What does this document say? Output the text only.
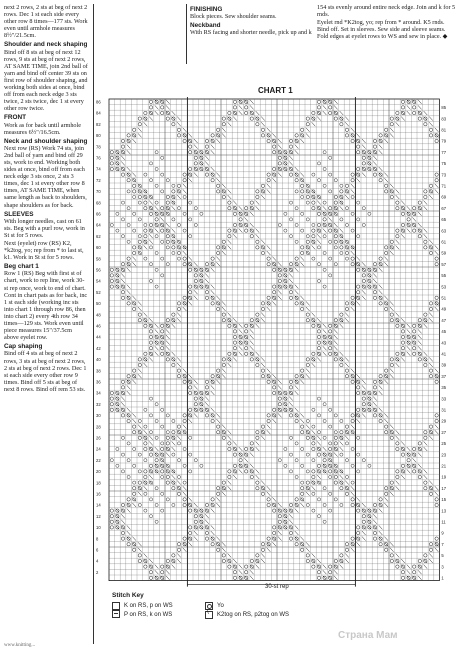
next 2 rows, 2 sts at beg of next 2 rows. Dec 1 st each side every other row 8 times—177 sts. Work even until armhole measures 8½"/21.5cm.

Shoulder and neck shaping

Bind off 8 sts at beg of next 12 rows, 9 sts at beg of next 2 rows, AT SAME TIME, join 2nd ball of yarn and bind off center 39 sts on first row of shoulder shaping, and working both sides at once, bind off from each neck edge 3 sts twice, 2 sts twice, dec 1 st every other row twice.

FRONT

Work as for back until armhole measures 6½"/16.5cm.

Neck and shoulder shaping

Next row (RS) Work 74 sts, join 2nd ball of yarn and bind off 29 sts, work to end. Working both sides at once, bind off from each neck edge 3 sts once, 2 sts 3 times, dec 1 st every other row 8 times, AT SAME TIME, when same length as back to shoulders, shape shoulders as for back.

SLEEVES

With longer needles, cast on 61 sts. Beg with a purl row, work in St st for 5 rows.

Next (eyelet) row (RS) K2, *k2tog, yo; rep from * to last st, k1. Work in St st for 5 rows.

Beg chart 1

Row 1 (RS) Beg with first st of chart, work to rep line, work 30-st rep once, work to end of chart. Cont in chart pats as for back, inc 1 st each side (working inc sts into chart 1 through row 86, then into chart 2) every 4th row 34 times—129 sts. Work even until piece measures 15"/37.5cm above eyelet row.

Cap shaping

Bind off 4 sts at beg of next 2 rows, 3 sts at beg of next 2 rows, 2 sts at beg of next 2 rows. Dec 1 st each side every other row 9 times. Bind off 5 sts at beg of next 8 rows. Bind off rem 53 sts.

FINISHING

Block pieces. Sew shoulder seams.

Neckband

With RS facing and shorter needle, pick up and k

154 sts evenly around entire neck edge. Join and k for 5 rnds.

Eyelet rnd *K2tog, yo; rep from * around. K5 rnds. Bind off. Set in sleeves. Sew side and sleeve seams. Fold edges at eyelet rows to WS and sew in place. ◆

CHART 1
2
4
6
8
10
12
14
16
18
20
22
24
26
28
30
32
34
36
38
40
42
44
46
48
50
52
54
56
58
60
62
64
66
68
70
72
74
76
78
80
82
84
86
1
3
5
7
9
11
13
15
17
19
21
23
25
27
29
31
33
35
37
39
41
43
45
47
49
51
53
55
57
59
61
63
65
67
69
71
73
75
77
79
81
83
85
30-st rep
Stitch Key
K on RS, p on WS
P on RS, k on WS
Yo
\
K2tog on RS, p2tog on WS
Страна Мам
www.knitting...
